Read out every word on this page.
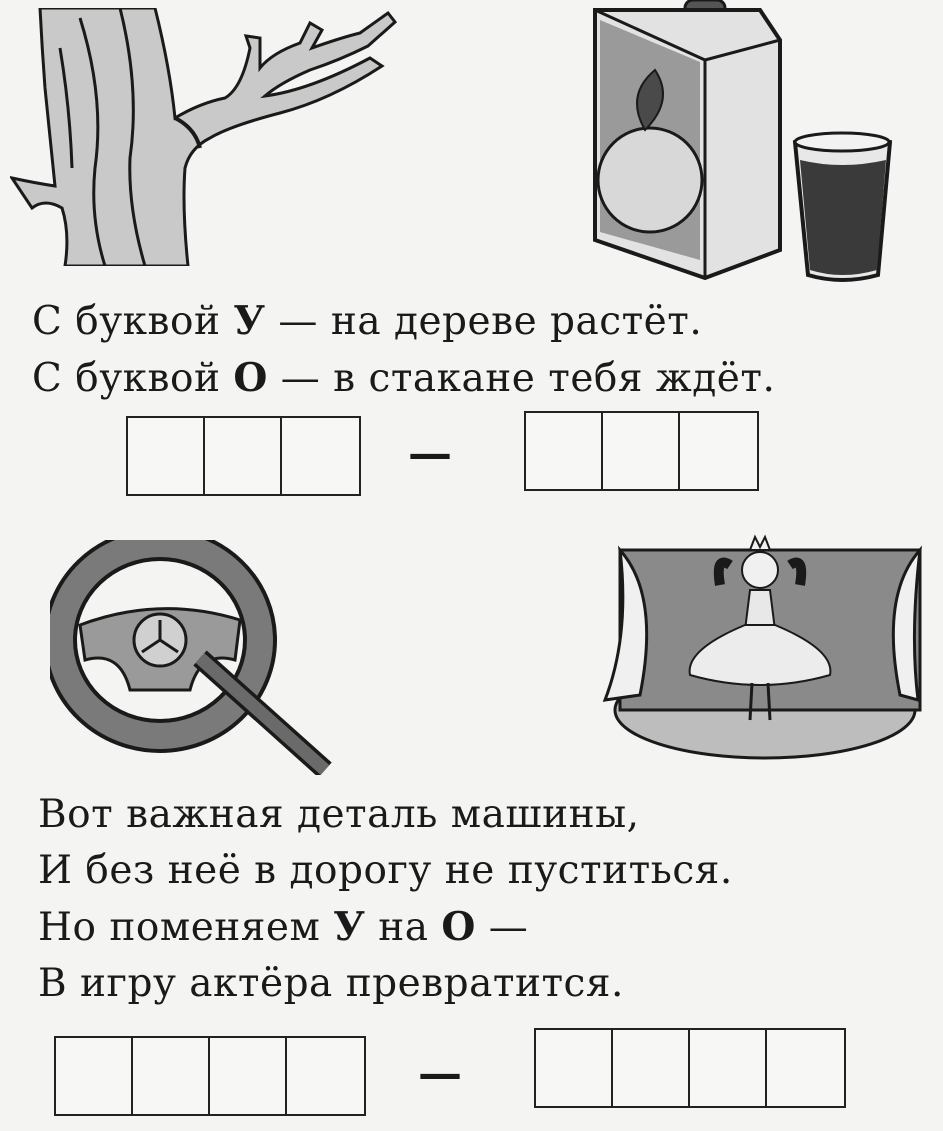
С буквой У — на дереве растёт.
С буквой О — в стакане тебя ждёт.

—

Вот важная деталь машины,
И без неё в дорогу не пуститься.
Но поменяем У на О —
В игру актёра превратится.

—
